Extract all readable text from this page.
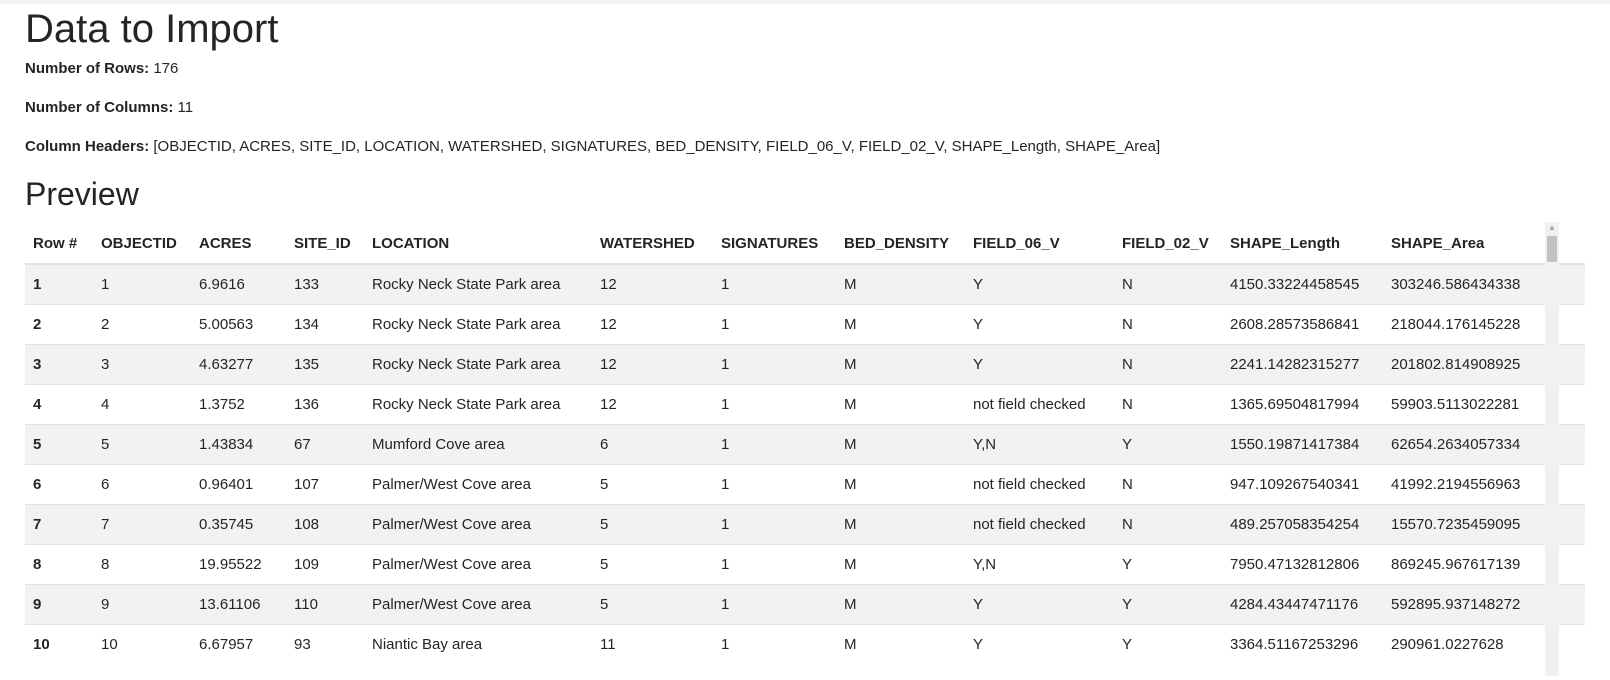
Data to Import

Number of Rows: 176

Number of Columns: 11

Column Headers: [OBJECTID, ACRES, SITE_ID, LOCATION, WATERSHED, SIGNATURES, BED_DENSITY, FIELD_06_V, FIELD_02_V, SHAPE_Length, SHAPE_Area]

Preview
Row #	OBJECTID	ACRES	SITE_ID	LOCATION	WATERSHED	SIGNATURES	BED_DENSITY	FIELD_06_V	FIELD_02_V	SHAPE_Length	SHAPE_Area
1	1	6.9616	133	Rocky Neck State Park area	12	1	M	Y	N	4150.33224458545	303246.586434338
2	2	5.00563	134	Rocky Neck State Park area	12	1	M	Y	N	2608.28573586841	218044.176145228
3	3	4.63277	135	Rocky Neck State Park area	12	1	M	Y	N	2241.14282315277	201802.814908925
4	4	1.3752	136	Rocky Neck State Park area	12	1	M	not field checked	N	1365.69504817994	59903.5113022281
5	5	1.43834	67	Mumford Cove area	6	1	M	Y,N	Y	1550.19871417384	62654.2634057334
6	6	0.96401	107	Palmer/West Cove area	5	1	M	not field checked	N	947.109267540341	41992.2194556963
7	7	0.35745	108	Palmer/West Cove area	5	1	M	not field checked	N	489.257058354254	15570.7235459095
8	8	19.95522	109	Palmer/West Cove area	5	1	M	Y,N	Y	7950.47132812806	869245.967617139
9	9	13.61106	110	Palmer/West Cove area	5	1	M	Y	Y	4284.43447471176	592895.937148272
10	10	6.67957	93	Niantic Bay area	11	1	M	Y	Y	3364.51167253296	290961.0227628
▲
